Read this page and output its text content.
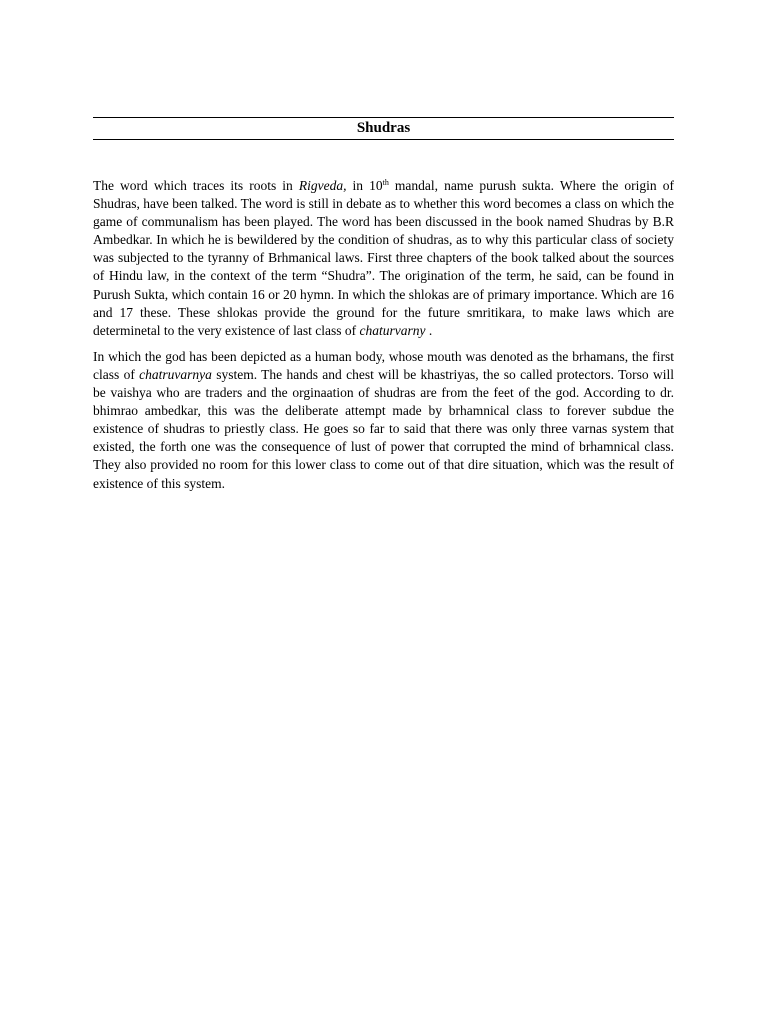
Shudras

The word which traces its roots in Rigveda, in 10th mandal, name purush sukta. Where the origin of Shudras, have been talked. The word is still in debate as to whether this word becomes a class on which the game of communalism has been played. The word has been discussed in the book named Shudras by B.R Ambedkar. In which he is bewildered by the condition of shudras, as to why this particular class of society was subjected to the tyranny of Brhmanical laws. First three chapters of the book talked about the sources of Hindu law, in the context of the term “Shudra”. The origination of the term, he said, can be found in Purush Sukta, which contain 16 or 20 hymn. In which the shlokas are of primary importance. Which are 16 and 17 these. These shlokas provide the ground for the future smritikara, to make laws which are determinetal to the very existence of last class of chaturvarny .

In which the god has been depicted as a human body, whose mouth was denoted as the brhamans, the first class of chatruvarnya system. The hands and chest will be khastriyas, the so called protectors. Torso will be vaishya who are traders and the orginaation of shudras are from the feet of the god. According to dr. bhimrao ambedkar, this was the deliberate attempt made by brhamnical class to forever subdue the existence of shudras to priestly class. He goes so far to said that there was only three varnas system that existed, the forth one was the consequence of lust of power that corrupted the mind of brhamnical class. They also provided no room for this lower class to come out of that dire situation, which was the result of existence of this system.
